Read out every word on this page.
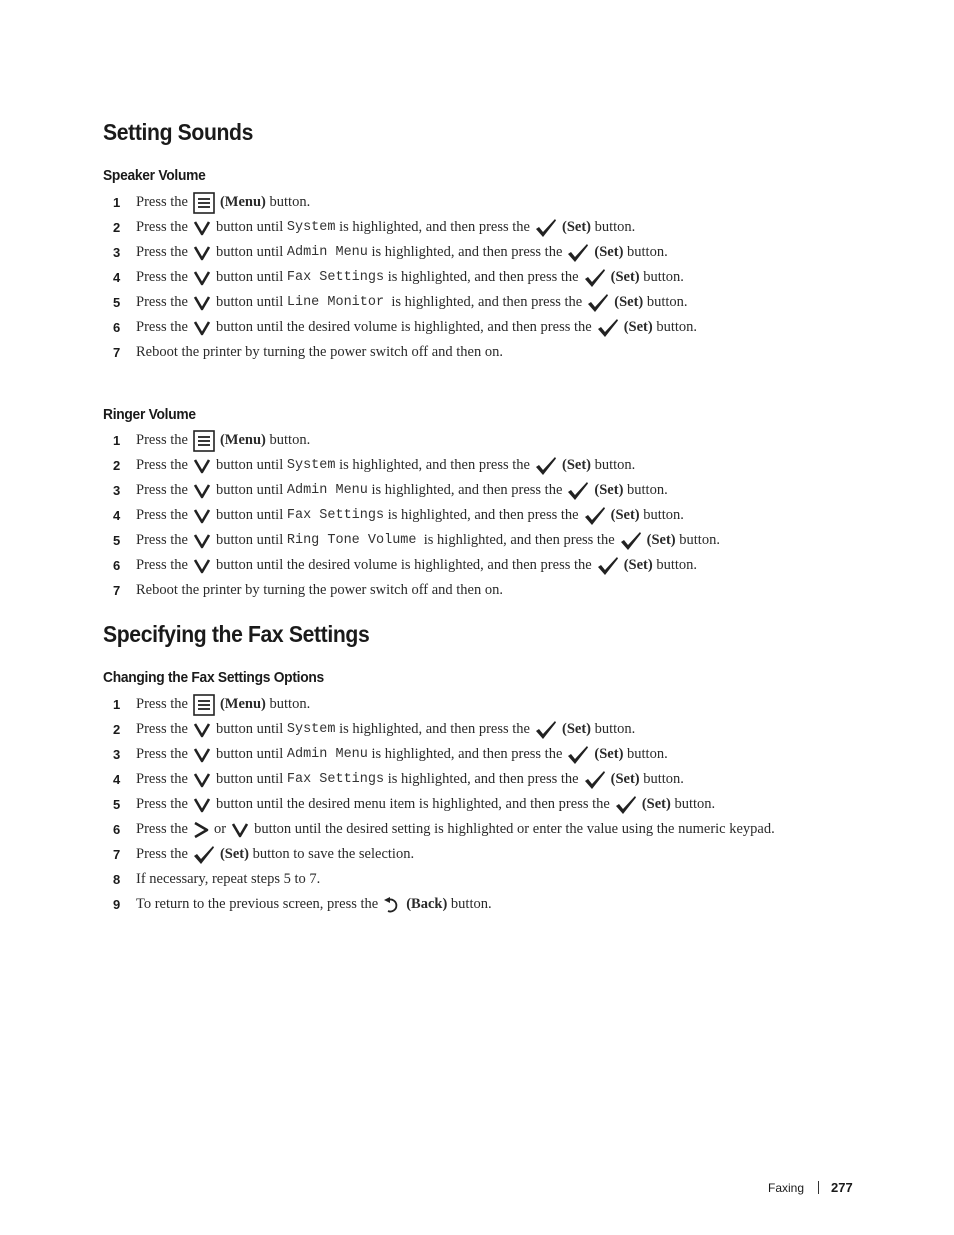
Setting Sounds
Speaker Volume
1	Press the (Menu) button.
2	Press the button until System is highlighted, and then press the (Set) button.
3	Press the button until Admin Menu is highlighted, and then press the (Set) button.
4	Press the button until Fax Settings is highlighted, and then press the (Set) button.
5	Press the button until Line Monitor is highlighted, and then press the (Set) button.
6	Press the button until the desired volume is highlighted, and then press the (Set) button.
7	Reboot the printer by turning the power switch off and then on.
Ringer Volume
1	Press the (Menu) button.
2	Press the button until System is highlighted, and then press the (Set) button.
3	Press the button until Admin Menu is highlighted, and then press the (Set) button.
4	Press the button until Fax Settings is highlighted, and then press the (Set) button.
5	Press the button until Ring Tone Volume is highlighted, and then press the (Set) button.
6	Press the button until the desired volume is highlighted, and then press the (Set) button.
7	Reboot the printer by turning the power switch off and then on.
Specifying the Fax Settings
Changing the Fax Settings Options
1	Press the (Menu) button.
2	Press the button until System is highlighted, and then press the (Set) button.
3	Press the button until Admin Menu is highlighted, and then press the (Set) button.
4	Press the button until Fax Settings is highlighted, and then press the (Set) button.
5	Press the button until the desired menu item is highlighted, and then press the (Set) button.
6	Press the or button until the desired setting is highlighted or enter the value using the numeric keypad.
7	Press the (Set) button to save the selection.
8	If necessary, repeat steps 5 to 7.
9	To return to the previous screen, press the (Back) button.
Faxing 277
